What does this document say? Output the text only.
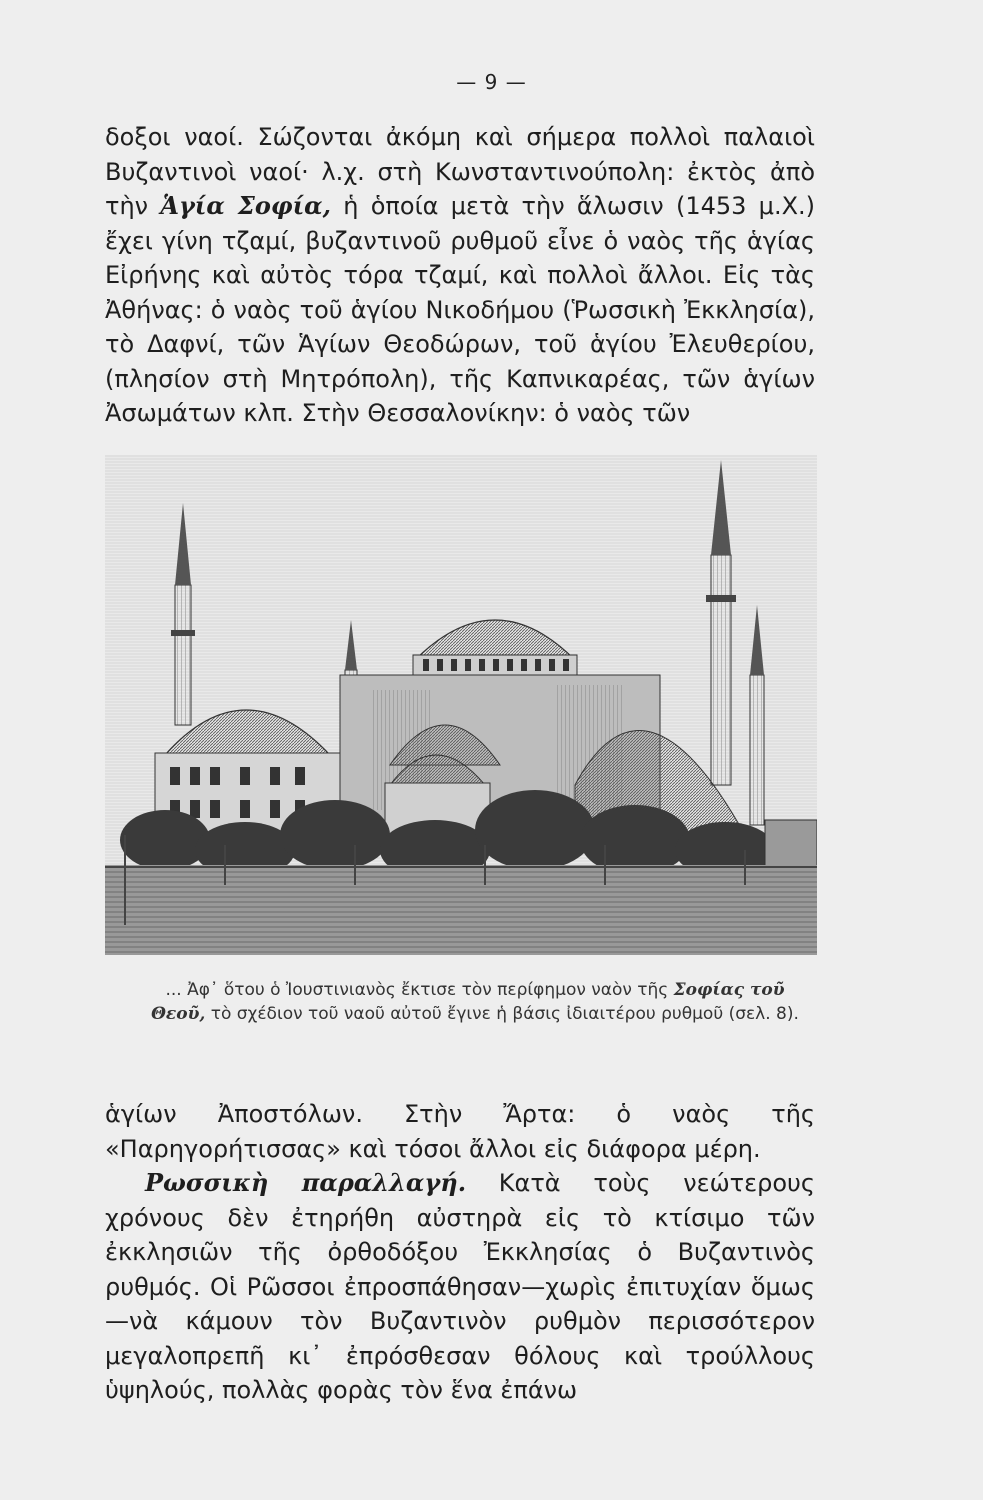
— 9 —
δοξοι ναοί. Σώζονται ἀκόμη καὶ σήμερα πολλοὶ παλαιοὶ Βυζαντινοὶ ναοί· λ.χ. στὴ Κωνσταντινούπολη: ἐκτὸς ἀπὸ τὴν Ἁγία Σοφία, ἡ ὁποία μετὰ τὴν ἅλωσιν (1453 μ.Χ.) ἔχει γίνη τζαμί, βυζαντινοῦ ρυθμοῦ εἶνε ὁ ναὸς τῆς ἁγίας Εἰρήνης καὶ αὐτὸς τόρα τζαμί, καὶ πολλοὶ ἄλλοι. Εἰς τὰς Ἀθήνας: ὁ ναὸς τοῦ ἁγίου Νικοδήμου (Ῥωσσικὴ Ἐκκλησία), τὸ Δαφνί, τῶν Ἁγίων Θεοδώρων, τοῦ ἁγίου Ἐλευθερίου, (πλησίον στὴ Μητρόπολη), τῆς Καπνικαρέας, τῶν ἁγίων Ἀσωμάτων κλπ. Στὴν Θεσσαλονίκην: ὁ ναὸς τῶν
... Ἀφ᾽ ὅτου ὁ Ἰουστινιανὸς ἔκτισε τὸν περίφημον ναὸν τῆς Σοφίας τοῦ Θεοῦ, τὸ σχέδιον τοῦ ναοῦ αὐτοῦ ἔγινε ἡ βάσις ἰδιαιτέρου ρυθμοῦ (σελ. 8).

ἁγίων Ἀποστόλων. Στὴν Ἄρτα: ὁ ναὸς τῆς «Παρηγορήτισσας» καὶ τόσοι ἄλλοι εἰς διάφορα μέρη.

Ρωσσικὴ παραλλαγή. Κατὰ τοὺς νεώτερους χρόνους δὲν ἐτηρήθη αὐστηρὰ εἰς τὸ κτίσιμο τῶν ἐκκλησιῶν τῆς ὀρθοδόξου Ἐκκλησίας ὁ Βυζαντινὸς ρυθμός. Οἱ Ρῶσσοι ἐπροσπάθησαν—χωρὶς ἐπιτυχίαν ὅμως—νὰ κάμουν τὸν Βυζαντινὸν ρυθμὸν περισσότερον μεγαλοπρεπῆ κι᾽ ἐπρόσθεσαν θόλους καὶ τρούλλους ὑψηλούς, πολλὰς φορὰς τὸν ἕνα ἐπάνω
